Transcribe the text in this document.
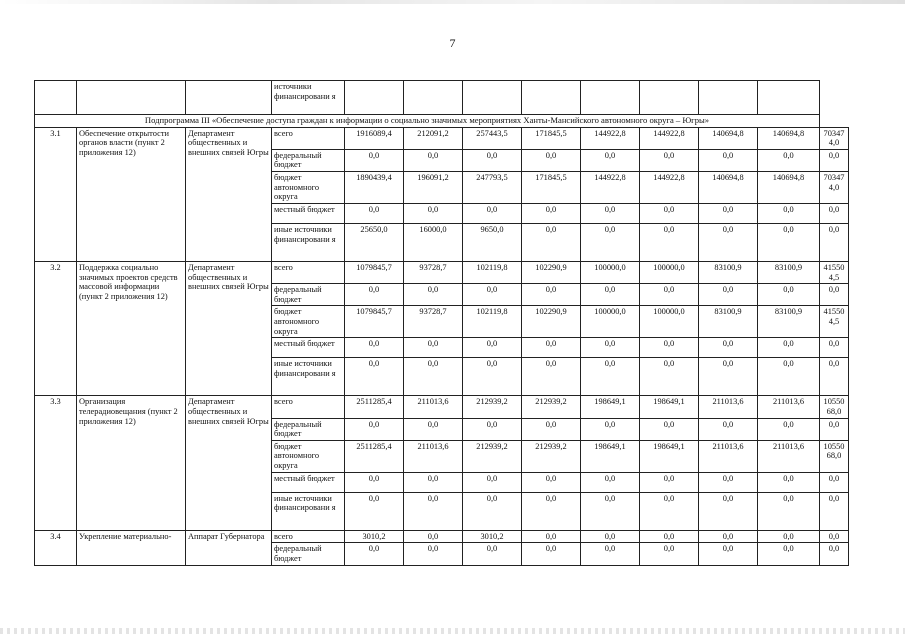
7
			источники финансировани я									
Подпрограмма III «Обеспечение доступа граждан к информации о социально значимых мероприятиях Ханты-Мансийского автономного округа – Югры»												
3.1	Обеспечение открытости органов власти (пункт 2 приложения 12)	Департамент общественных и внешних связей Югры	всего	1916089,4	212091,2	257443,5	171845,5	144922,8	144922,8	140694,8	140694,8	703474,0
			федеральный бюджет	0,0	0,0	0,0	0,0	0,0	0,0	0,0	0,0	0,0
			бюджет автономного округа	1890439,4	196091,2	247793,5	171845,5	144922,8	144922,8	140694,8	140694,8	703474,0
			местный бюджет	0,0	0,0	0,0	0,0	0,0	0,0	0,0	0,0	0,0
			иные источники финансировани я	25650,0	16000,0	9650,0	0,0	0,0	0,0	0,0	0,0	0,0
3.2	Поддержка социально значимых проектов средств массовой информации (пункт 2 приложения 12)	Департамент общественных и внешних связей Югры	всего	1079845,7	93728,7	102119,8	102290,9	100000,0	100000,0	83100,9	83100,9	415504,5
			федеральный бюджет	0,0	0,0	0,0	0,0	0,0	0,0	0,0	0,0	0,0
			бюджет автономного округа	1079845,7	93728,7	102119,8	102290,9	100000,0	100000,0	83100,9	83100,9	415504,5
			местный бюджет	0,0	0,0	0,0	0,0	0,0	0,0	0,0	0,0	0,0
			иные источники финансировани я	0,0	0,0	0,0	0,0	0,0	0,0	0,0	0,0	0,0
3.3	Организация телерадиовещания (пункт 2 приложения 12)	Департамент общественных и внешних связей Югры	всего	2511285,4	211013,6	212939,2	212939,2	198649,1	198649,1	211013,6	211013,6	1055068,0
			федеральный бюджет	0,0	0,0	0,0	0,0	0,0	0,0	0,0	0,0	0,0
			бюджет автономного округа	2511285,4	211013,6	212939,2	212939,2	198649,1	198649,1	211013,6	211013,6	1055068,0
			местный бюджет	0,0	0,0	0,0	0,0	0,0	0,0	0,0	0,0	0,0
			иные источники финансировани я	0,0	0,0	0,0	0,0	0,0	0,0	0,0	0,0	0,0
3.4	Укрепление материально-	Аппарат Губернатора	всего	3010,2	0,0	3010,2	0,0	0,0	0,0	0,0	0,0	0,0
			федеральный бюджет	0,0	0,0	0,0	0,0	0,0	0,0	0,0	0,0	0,0
